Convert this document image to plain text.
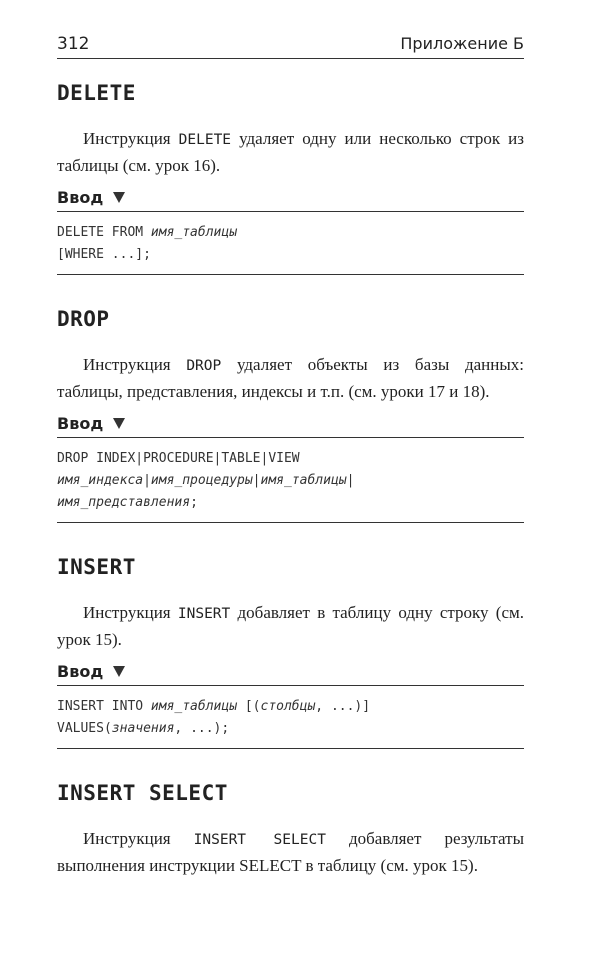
312	Приложение Б
DELETE

Инструкция DELETE удаляет одну или несколько строк из таблицы (см. урок 16).

Ввод
DELETE FROM имя_таблицы
[WHERE ...];
DROP

Инструкция DROP удаляет объекты из базы данных: таблицы, представления, индексы и т.п. (см. уроки 17 и 18).

Ввод
DROP INDEX|PROCEDURE|TABLE|VIEW
имя_индекса|имя_процедуры|имя_таблицы|
имя_представления;
INSERT

Инструкция INSERT добавляет в таблицу одну строку (см. урок 15).

Ввод
INSERT INTO имя_таблицы [(столбцы, ...)]
VALUES(значения, ...);
INSERT SELECT

Инструкция INSERT SELECT добавляет результаты выполнения инструкции SELECT в таблицу (см. урок 15).
